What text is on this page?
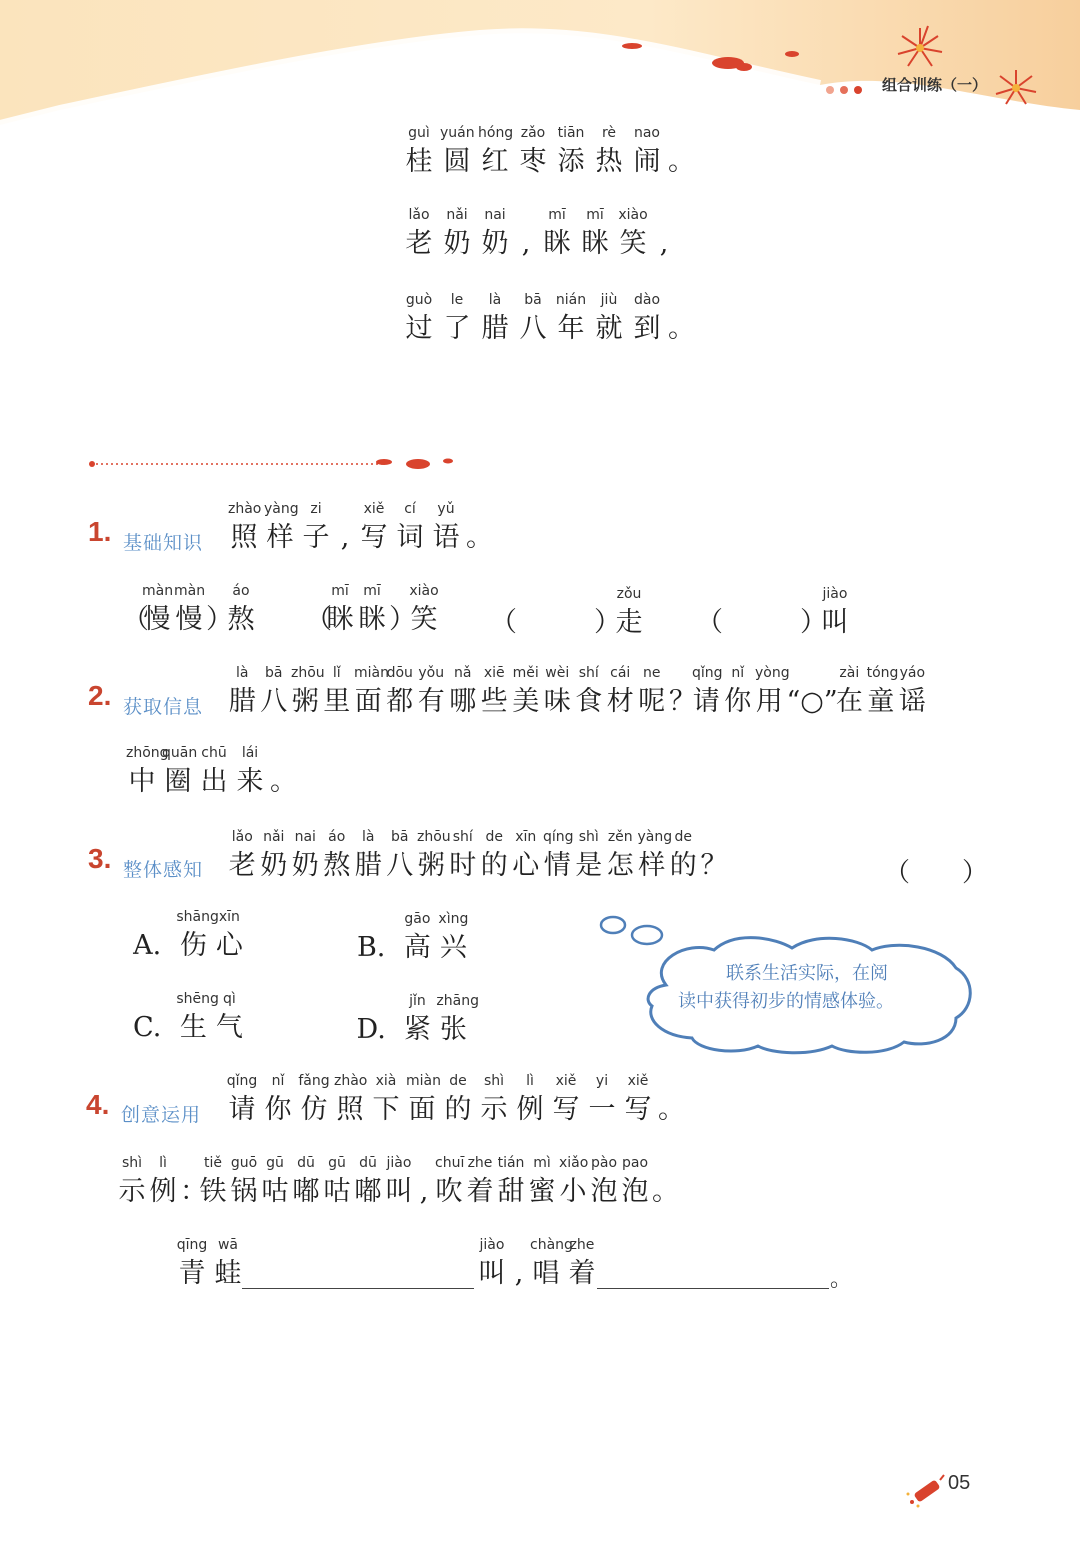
组合训练（一）
guì
桂
yuán
圆
hóng
红
zǎo
枣
tiān
添
rè
热
nao
闹
。
lǎo
老
nǎi
奶
nai
奶
,
mī
眯
mī
眯
xiào
笑
,
guò
过
le
了
là
腊
bā
八
nián
年
jiù
就
dào
到
。
1. 基础知识
zhào
照
yàng
样
zi
子
,
xiě
写
cí
词
yǔ
语
。

（
màn
慢
màn
慢
）
áo
熬
（
mī
眯
mī
眯
）
xiào
笑
（

	）
zǒu
走
（

	）
jiào
叫
2. 获取信息
là
腊
bā
八
zhōu
粥
lǐ
里
miàn
面
dōu
都
yǒu
有
nǎ
哪
xiē
些
měi
美
wèi
味
shí
食
cái
材
ne
呢
？
qǐng
请
nǐ
你
yòng
用
“○”
zài
在
tóng
童
yáo
谣
zhōng
中
quān
圈
chū
出
lái
来
。
3. 整体感知
lǎo
老
nǎi
奶
nai
奶
áo
熬
là
腊
bā
八
zhōu
粥
shí
时
de
的
xīn
心
qíng
情
shì
是
zěn
怎
yàng
样
de
的
？	（　　）

A.
shāng
伤
xīn
心
	B.
gāo
高
xìng
兴

C.
shēng
生
qì
气
	D.
jǐn
紧
zhāng
张
联系生活实际，在阅
读中获得初步的情感体验。
4. 创意运用
qǐng
请
nǐ
你
fǎng
仿
zhào
照
xià
下
miàn
面
de
的
shì
示
lì
例
xiě
写
yi
一
xiě
写
。
shì
示
lì
例
：
tiě
铁
guō
锅
gū
咕
dū
嘟
gū
咕
dū
嘟
jiào
叫
,
chuī
吹
zhe
着
tián
甜
mì
蜜
xiǎo
小
pào
泡
pao
泡
。
qīng
青
wā
蛙
jiào
叫
,
chàng
唱
zhe
着	。
05
